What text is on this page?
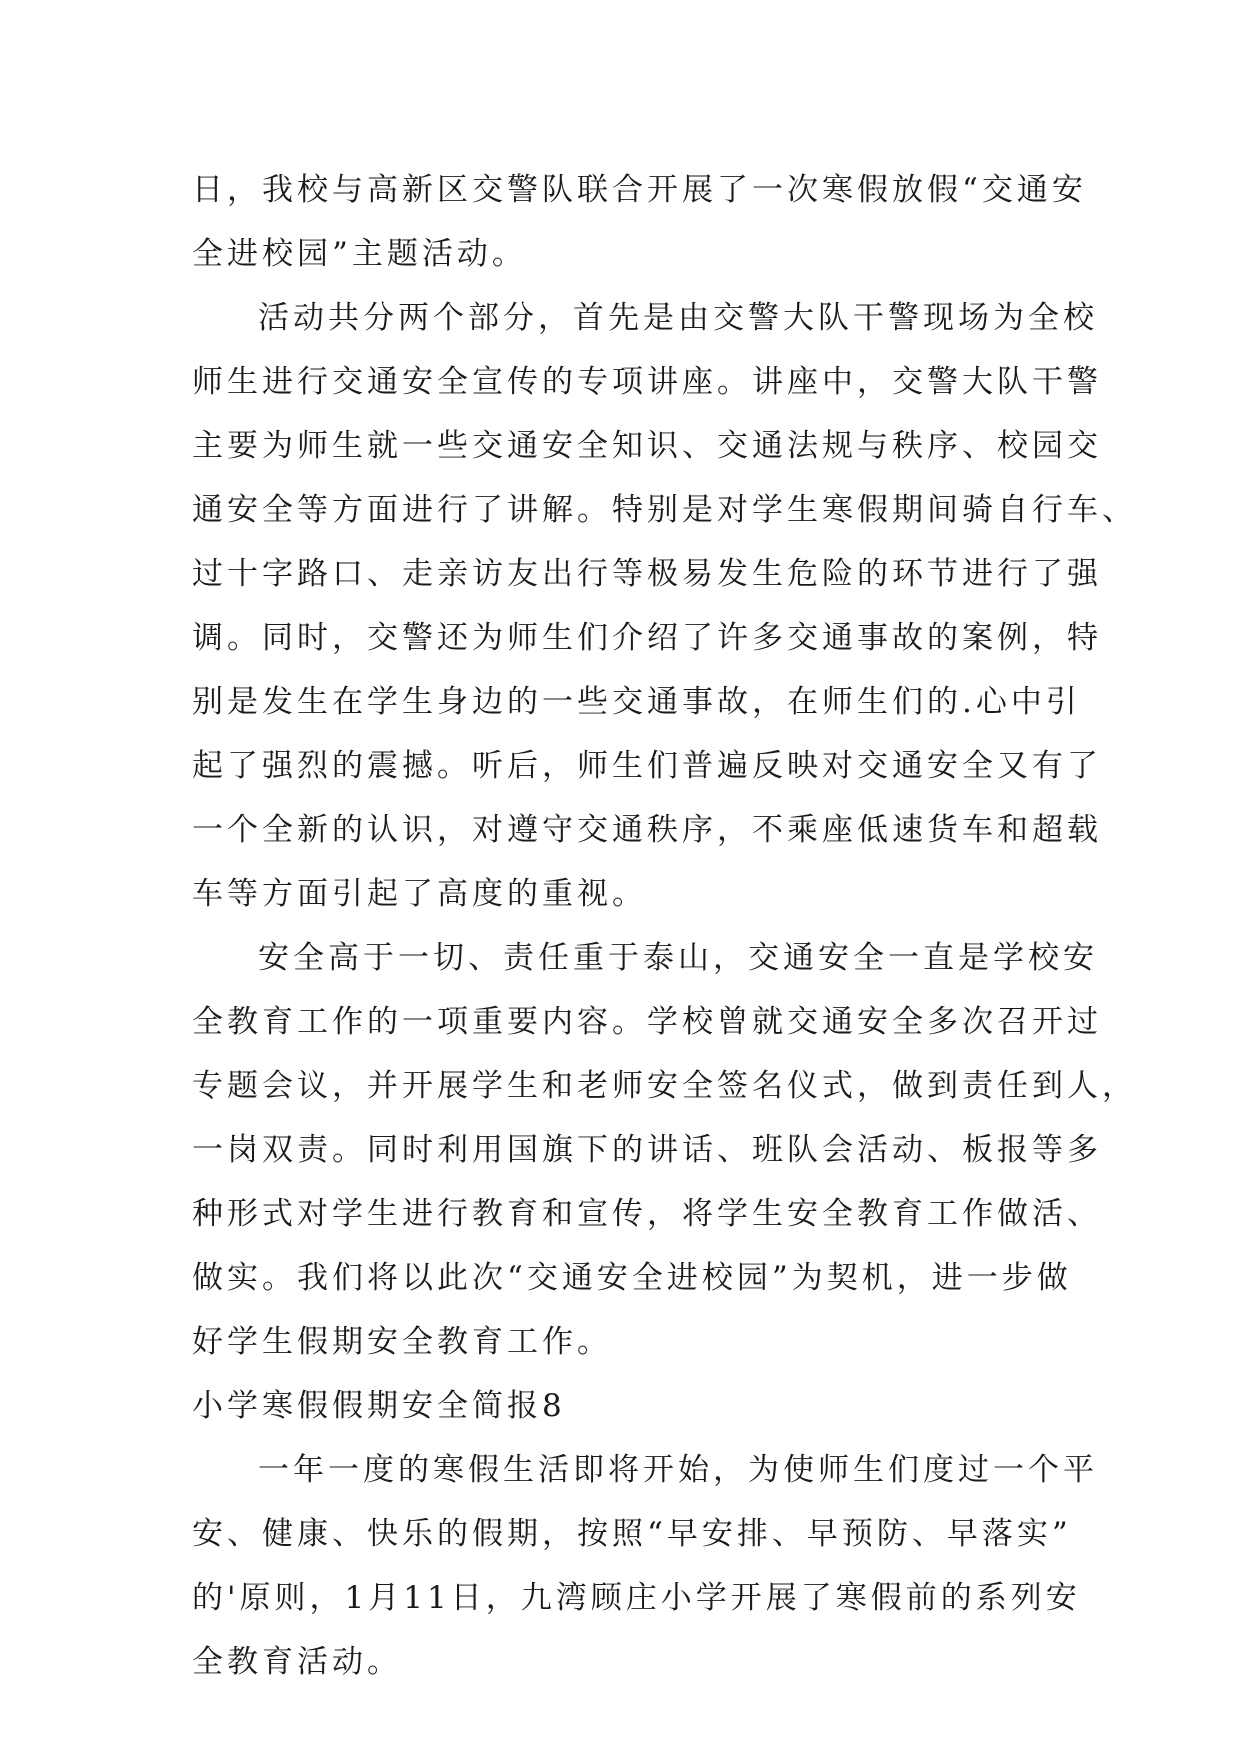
日，我校与高新区交警队联合开展了一次寒假放假“交通安
全进校园”主题活动。
活动共分两个部分，首先是由交警大队干警现场为全校
师生进行交通安全宣传的专项讲座。讲座中，交警大队干警
主要为师生就一些交通安全知识、交通法规与秩序、校园交
通安全等方面进行了讲解。特别是对学生寒假期间骑自行车、
过十字路口、走亲访友出行等极易发生危险的环节进行了强
调。同时，交警还为师生们介绍了许多交通事故的案例，特
别是发生在学生身边的一些交通事故，在师生们的.心中引
起了强烈的震撼。听后，师生们普遍反映对交通安全又有了
一个全新的认识，对遵守交通秩序，不乘座低速货车和超载
车等方面引起了高度的重视。
安全高于一切、责任重于泰山，交通安全一直是学校安
全教育工作的一项重要内容。学校曾就交通安全多次召开过
专题会议，并开展学生和老师安全签名仪式，做到责任到人，
一岗双责。同时利用国旗下的讲话、班队会活动、板报等多
种形式对学生进行教育和宣传，将学生安全教育工作做活、
做实。我们将以此次“交通安全进校园”为契机，进一步做
好学生假期安全教育工作。
小学寒假假期安全简报8
一年一度的寒假生活即将开始，为使师生们度过一个平
安、健康、快乐的假期，按照“早安排、早预防、早落实”
的'原则，1月11日，九湾顾庄小学开展了寒假前的系列安
全教育活动。
